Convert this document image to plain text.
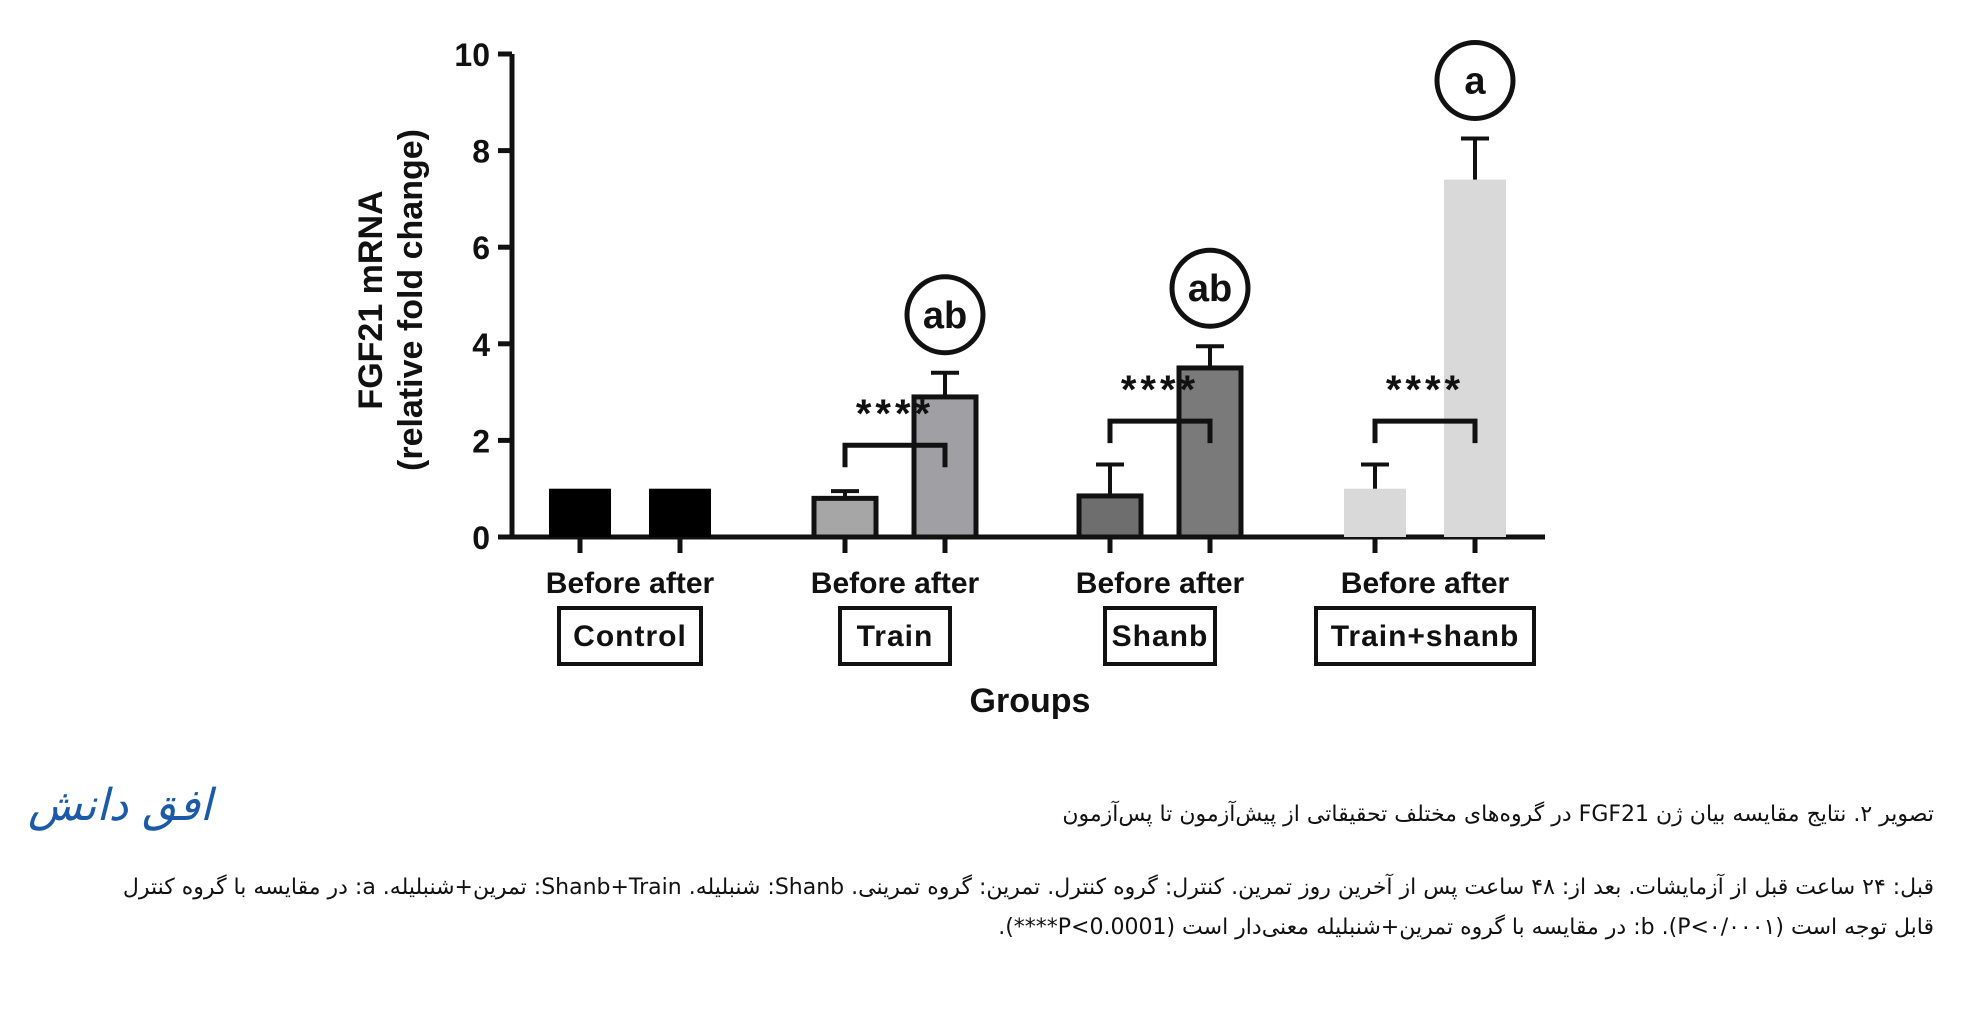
0
2
4
6
8
10
****
ab
****
ab
****
a
Before after
Control
Before after
Train
Before after
Shanb
Before after
Train+shanb
FGF21 mRNA (relative fold change)
Groups
افق دانش	تصویر ۲. نتایج مقایسه بیان ژن FGF21 در گروه‌های مختلف تحقیقاتی از پیش‌آزمون تا پس‌آزمون
قبل: ۲۴ ساعت قبل از آزمایشات. بعد از: ۴۸ ساعت پس از آخرین روز تمرین. کنترل: گروه کنترل. تمرین: گروه تمرینی. Shanb: شنبلیله. Shanb+Train: تمرین+شنبلیله. a: در مقایسه با گروه کنترل قابل توجه است (P<۰/۰۰۰۱). b: در مقایسه با گروه تمرین+شنبلیله معنی‌دار است (P<0.0001****).
